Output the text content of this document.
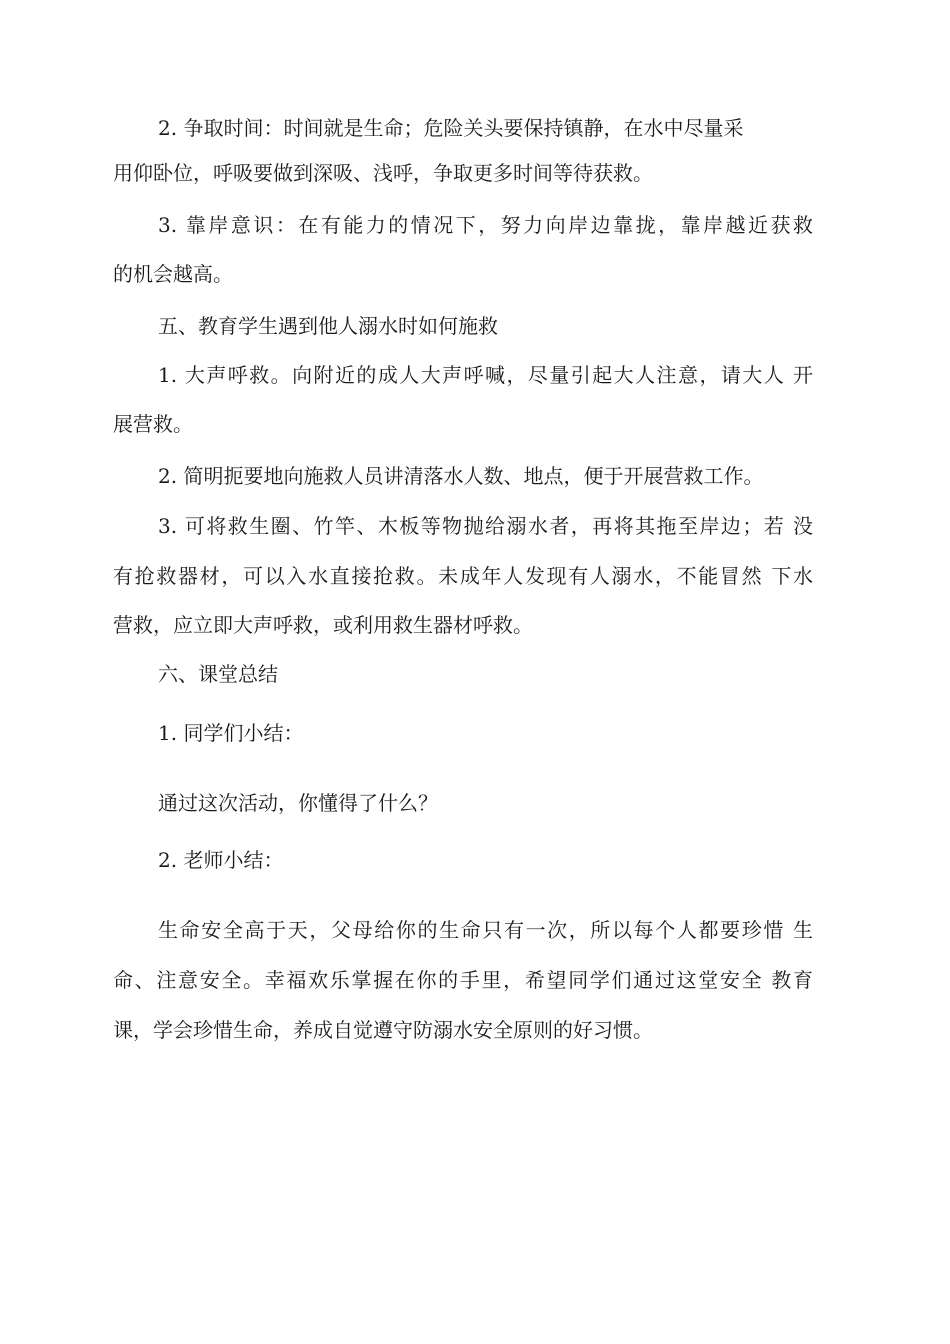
2. 争取时间：时间就是生命；危险关头要保持镇静，在水中尽量采
用仰卧位，呼吸要做到深吸、浅呼，争取更多时间等待获救。
3. 靠岸意识：在有能力的情况下，努力向岸边靠拢，靠岸越近获救
的机会越高。
五、教育学生遇到他人溺水时如何施救
1. 大声呼救。向附近的成人大声呼喊，尽量引起大人注意，请大人 开
展营救。
2. 简明扼要地向施救人员讲清落水人数、地点，便于开展营救工作。
3. 可将救生圈、竹竿、木板等物抛给溺水者，再将其拖至岸边；若 没
有抢救器材，可以入水直接抢救。未成年人发现有人溺水，不能冒然 下水
营救，应立即大声呼救，或利用救生器材呼救。
六、课堂总结
1. 同学们小结：
通过这次活动，你懂得了什么？
2. 老师小结：
生命安全高于天，父母给你的生命只有一次，所以每个人都要珍惜 生
命、注意安全。幸福欢乐掌握在你的手里，希望同学们通过这堂安全 教育
课，学会珍惜生命，养成自觉遵守防溺水安全原则的好习惯。
